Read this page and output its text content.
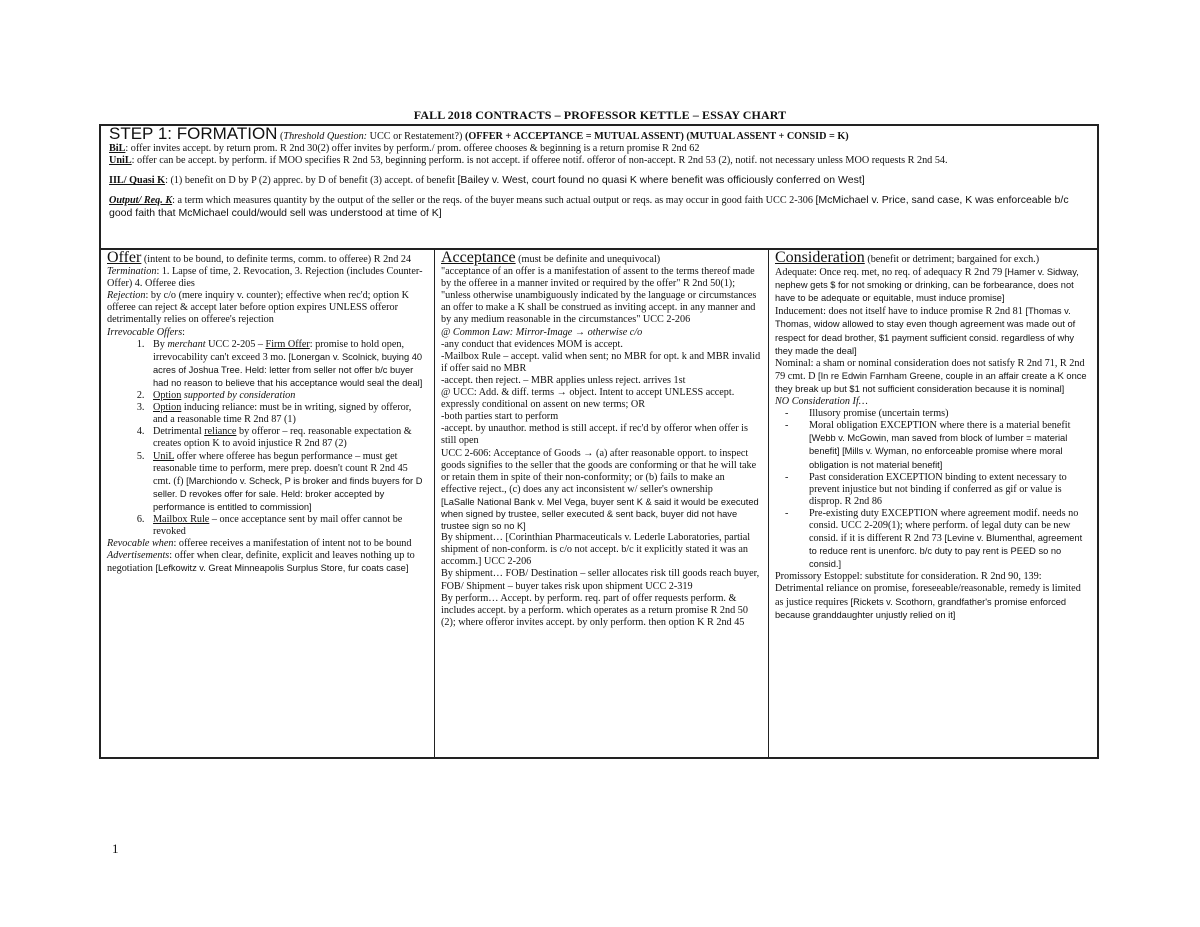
FALL 2018 CONTRACTS – PROFESSOR KETTLE – ESSAY CHART

STEP 1: FORMATION (Threshold Question: UCC or Restatement?) (OFFER + ACCEPTANCE = MUTUAL ASSENT) (MUTUAL ASSENT + CONSID = K)

BiL: offer invites accept. by return prom. R 2nd 30(2) offer invites by perform./ prom. offeree chooses & beginning is a return promise R 2nd 62

UniL: offer can be accept. by perform. if MOO specifies R 2nd 53, beginning perform. is not accept. if offeree notif. offeror of non-accept. R 2nd 53 (2), notif. not necessary unless MOO requests R 2nd 54.

IIL/ Quasi K: (1) benefit on D by P (2) apprec. by D of benefit (3) accept. of benefit [Bailey v. West, court found no quasi K where benefit was officiously conferred on West]

Output/ Req. K: a term which measures quantity by the output of the seller or the reqs. of the buyer means such actual output or reqs. as may occur in good faith UCC 2-306 [McMichael v. Price, sand case, K was enforceable b/c good faith that McMichael could/would sell was understood at time of K]

Offer (intent to be bound, to definite terms, comm. to offeree) R 2nd 24

Termination: 1. Lapse of time, 2. Revocation, 3. Rejection (includes Counter-Offer) 4. Offeree dies

Rejection: by c/o (mere inquiry v. counter); effective when rec'd; option K offeree can reject & accept later before option expires UNLESS offeror detrimentally relies on offeree's rejection

Irrevocable Offers:

1. By merchant UCC 2-205 – Firm Offer: promise to hold open, irrevocability can't exceed 3 mo. [Lonergan v. Scolnick, buying 40 acres of Joshua Tree. Held: letter from seller not offer b/c buyer had no reason to believe that his acceptance would seal the deal]
2. Option supported by consideration
3. Option inducing reliance: must be in writing, signed by offeror, and a reasonable time R 2nd 87 (1)
4. Detrimental reliance by offeror – req. reasonable expectation & creates option K to avoid injustice R 2nd 87 (2)
5. UniL offer where offeree has begun performance – must get reasonable time to perform, mere prep. doesn't count R 2nd 45 cmt. (f) [Marchiondo v. Scheck, P is broker and finds buyers for D seller. D revokes offer for sale. Held: broker accepted by performance is entitled to commission]
6. Mailbox Rule – once acceptance sent by mail offer cannot be revoked

Revocable when: offeree receives a manifestation of intent not to be bound

Advertisements: offer when clear, definite, explicit and leaves nothing up to negotiation [Lefkowitz v. Great Minneapolis Surplus Store, fur coats case]

Acceptance (must be definite and unequivocal)

"acceptance of an offer is a manifestation of assent to the terms thereof made by the offeree in a manner invited or required by the offer" R 2nd 50(1); "unless otherwise unambiguously indicated by the language or circumstances an offer to make a K shall be construed as inviting accept. in any manner and by any medium reasonable in the circumstances" UCC 2-206

@ Common Law: Mirror-Image → otherwise c/o

-any conduct that evidences MOM is accept.

-Mailbox Rule – accept. valid when sent; no MBR for opt. k and MBR invalid if offer said no MBR

-accept. then reject. – MBR applies unless reject. arrives 1st

@ UCC: Add. & diff. terms → object. Intent to accept UNLESS accept. expressly conditional on assent on new terms; OR

-both parties start to perform

-accept. by unauthor. method is still accept. if rec'd by offeror when offer is still open

UCC 2-606: Acceptance of Goods → (a) after reasonable opport. to inspect goods signifies to the seller that the goods are conforming or that he will take or retain them in spite of their non-conformity; or (b) fails to make an effective reject., (c) does any act inconsistent w/ seller's ownership

[LaSalle National Bank v. Mel Vega, buyer sent K & said it would be executed when signed by trustee, seller executed & sent back, buyer did not have trustee sign so no K]

By shipment… [Corinthian Pharmaceuticals v. Lederle Laboratories, partial shipment of non-conform. is c/o not accept. b/c it explicitly stated it was an accomm.] UCC 2-206

By shipment… FOB/ Destination – seller allocates risk till goods reach buyer, FOB/ Shipment – buyer takes risk upon shipment UCC 2-319

By perform… Accept. by perform. req. part of offer requests perform. & includes accept. by a perform. which operates as a return promise R 2nd 50 (2); where offeror invites accept. by only perform. then option K R 2nd 45

Consideration (benefit or detriment; bargained for exch.)

Adequate: Once req. met, no req. of adequacy R 2nd 79 [Hamer v. Sidway, nephew gets $ for not smoking or drinking, can be forbearance, does not have to be adequate or equitable, must induce promise]

Inducement: does not itself have to induce promise R 2nd 81 [Thomas v. Thomas, widow allowed to stay even though agreement was made out of respect for dead brother, $1 payment sufficient consid. regardless of why they made the deal]

Nominal: a sham or nominal consideration does not satisfy R 2nd 71, R 2nd 79 cmt. D [In re Edwin Farnham Greene, couple in an affair create a K once they break up but $1 not sufficient consideration because it is nominal]

NO Consideration If…

- Illusory promise (uncertain terms)
- Moral obligation EXCEPTION where there is a material benefit [Webb v. McGowin, man saved from block of lumber = material benefit] [Mills v. Wyman, no enforceable promise where moral obligation is not material benefit]
- Past consideration EXCEPTION binding to extent necessary to prevent injustice but not binding if conferred as gif or value is disprop. R 2nd 86
- Pre-existing duty EXCEPTION where agreement modif. needs no consid. UCC 2-209(1); where perform. of legal duty can be new consid. if it is different R 2nd 73 [Levine v. Blumenthal, agreement to reduce rent is unenforc. b/c duty to pay rent is PEED so no consid.]

Promissory Estoppel: substitute for consideration. R 2nd 90, 139: Detrimental reliance on promise, foreseeable/reasonable, remedy is limited as justice requires [Rickets v. Scothorn, grandfather's promise enforced because granddaughter unjustly relied on it]

1
